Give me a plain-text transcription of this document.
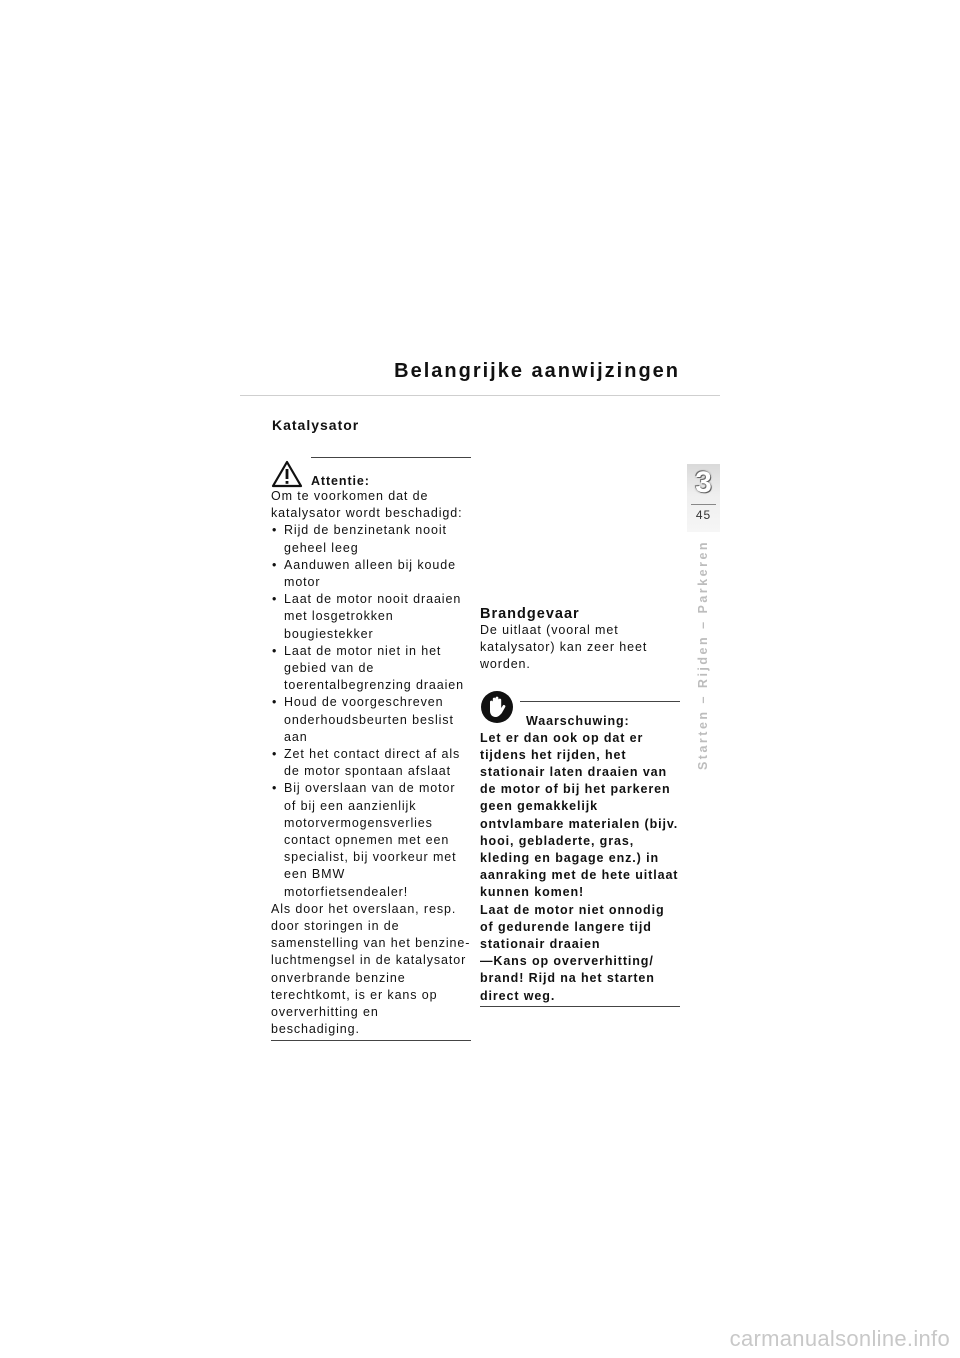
Belangrijke aanwijzingen
Katalysator
Attentie:
Om te voorkomen dat de katalysator wordt beschadigd:
• Rijd de benzinetank nooit geheel leeg
• Aanduwen alleen bij koude motor
• Laat de motor nooit draaien met losgetrokken bougiestekker
• Laat de motor niet in het gebied van de toerentalbegrenzing draaien
• Houd de voorgeschreven onderhoudsbeurten beslist aan
• Zet het contact direct af als de motor spontaan afslaat
• Bij overslaan van de motor of bij een aanzienlijk motorvermogensverlies contact opnemen met een specialist, bij voorkeur met een BMW motorfietsendealer!
Als door het overslaan, resp. door storingen in de samenstelling van het benzine-luchtmengsel in de katalysator onverbrande benzine terechtkomt, is er kans op oververhitting en beschadiging.
Brandgevaar

De uitlaat (vooral met katalysator) kan zeer heet worden.

Waarschuwing:

Let er dan ook op dat er tijdens het rijden, het stationair laten draaien van de motor of bij het parkeren geen gemakkelijk ontvlambare materialen (bijv. hooi, gebladerte, gras, kleding en bagage enz.) in aanraking met de hete uitlaat kunnen komen!

Laat de motor niet onnodig of gedurende langere tijd stationair draaien

—Kans op oververhitting/ brand! Rijd na het starten direct weg.

3
45
Starten – Rijden – Parkeren
carmanualsonline.info
